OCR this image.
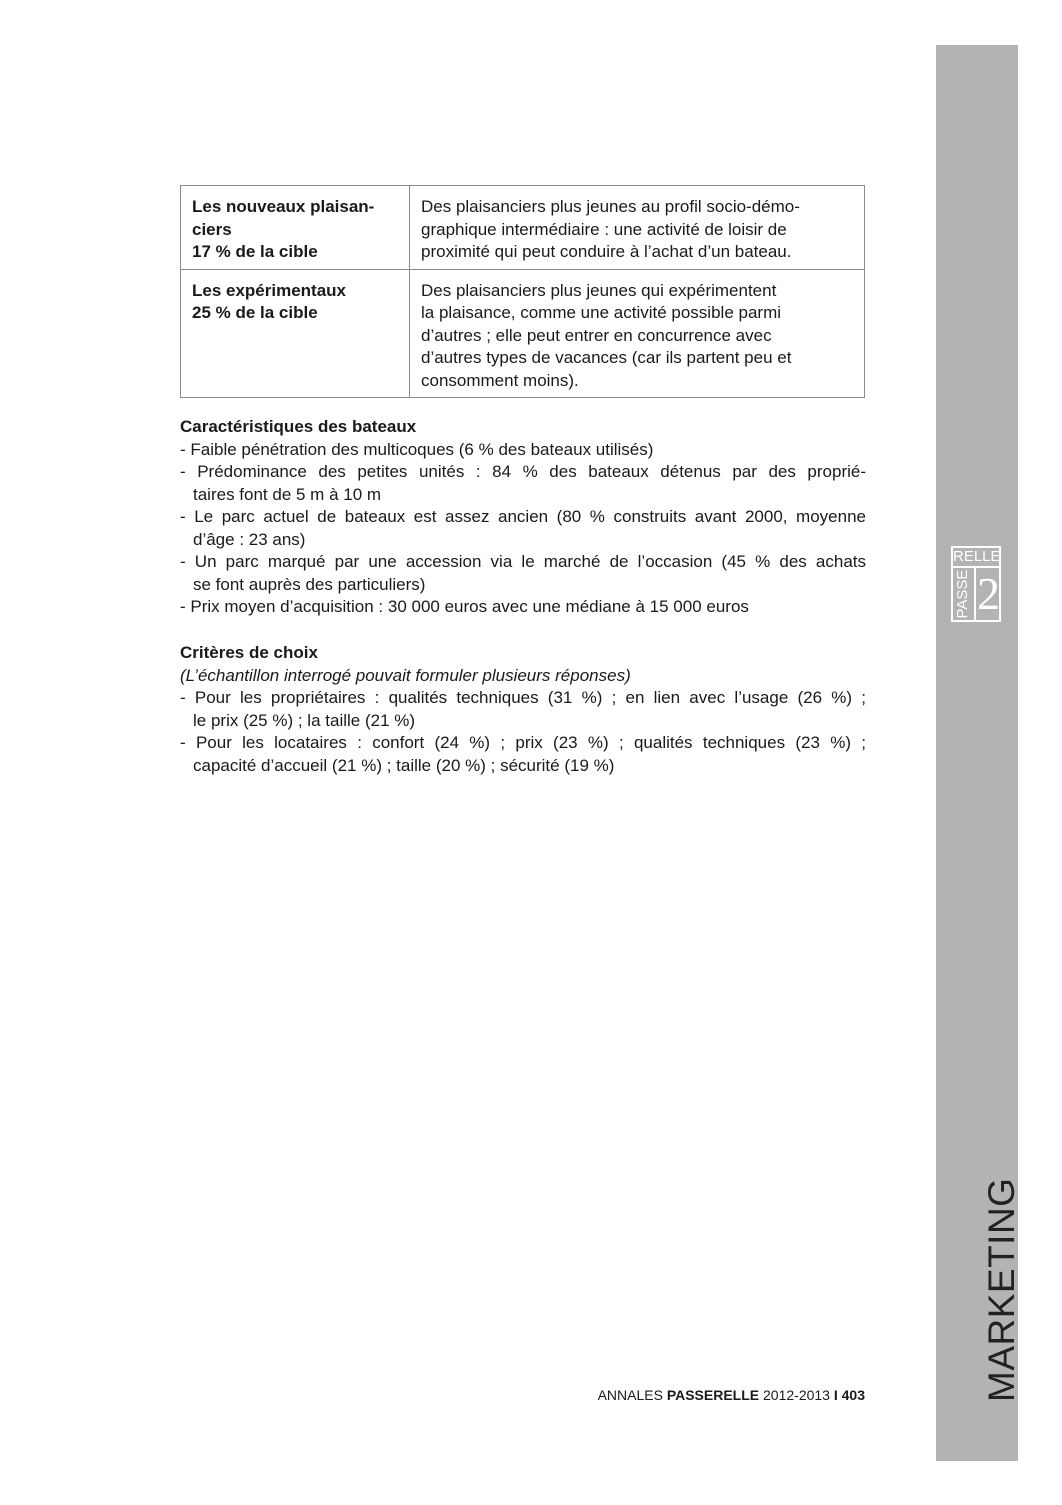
RELLE
PASSE 2
MARKETING
Les nouveaux plaisan-
ciers
17 % de la cible	Des plaisanciers plus jeunes au profil socio-démo-
graphique intermédiaire : une activité de loisir de
proximité qui peut conduire à l’achat d’un bateau.

Les expérimentaux
25 % de la cible	Des plaisanciers plus jeunes qui expérimentent
la plaisance, comme une activité possible parmi
d’autres ; elle peut entrer en concurrence avec
d’autres types de vacances (car ils partent peu et
consomment moins).
Caractéristiques des bateaux
- Faible pénétration des multicoques (6 % des bateaux utilisés)
- Prédominance des petites unités : 84 % des bateaux détenus par des proprié-
taires font de 5 m à 10 m
- Le parc actuel de bateaux est assez ancien (80 % construits avant 2000, moyenne
d’âge : 23 ans)
- Un parc marqué par une accession via le marché de l’occasion (45 % des achats
se font auprès des particuliers)
- Prix moyen d’acquisition : 30 000 euros avec une médiane à 15 000 euros
Critères de choix
(L’échantillon interrogé pouvait formuler plusieurs réponses)
- Pour les propriétaires : qualités techniques (31 %) ; en lien avec l’usage (26 %) ;
le prix (25 %) ; la taille (21 %)
- Pour les locataires : confort (24 %) ; prix (23 %) ; qualités techniques (23 %) ;
capacité d’accueil (21 %) ; taille (20 %) ; sécurité (19 %)
ANNALES PASSERELLE 2012-2013 I 403
